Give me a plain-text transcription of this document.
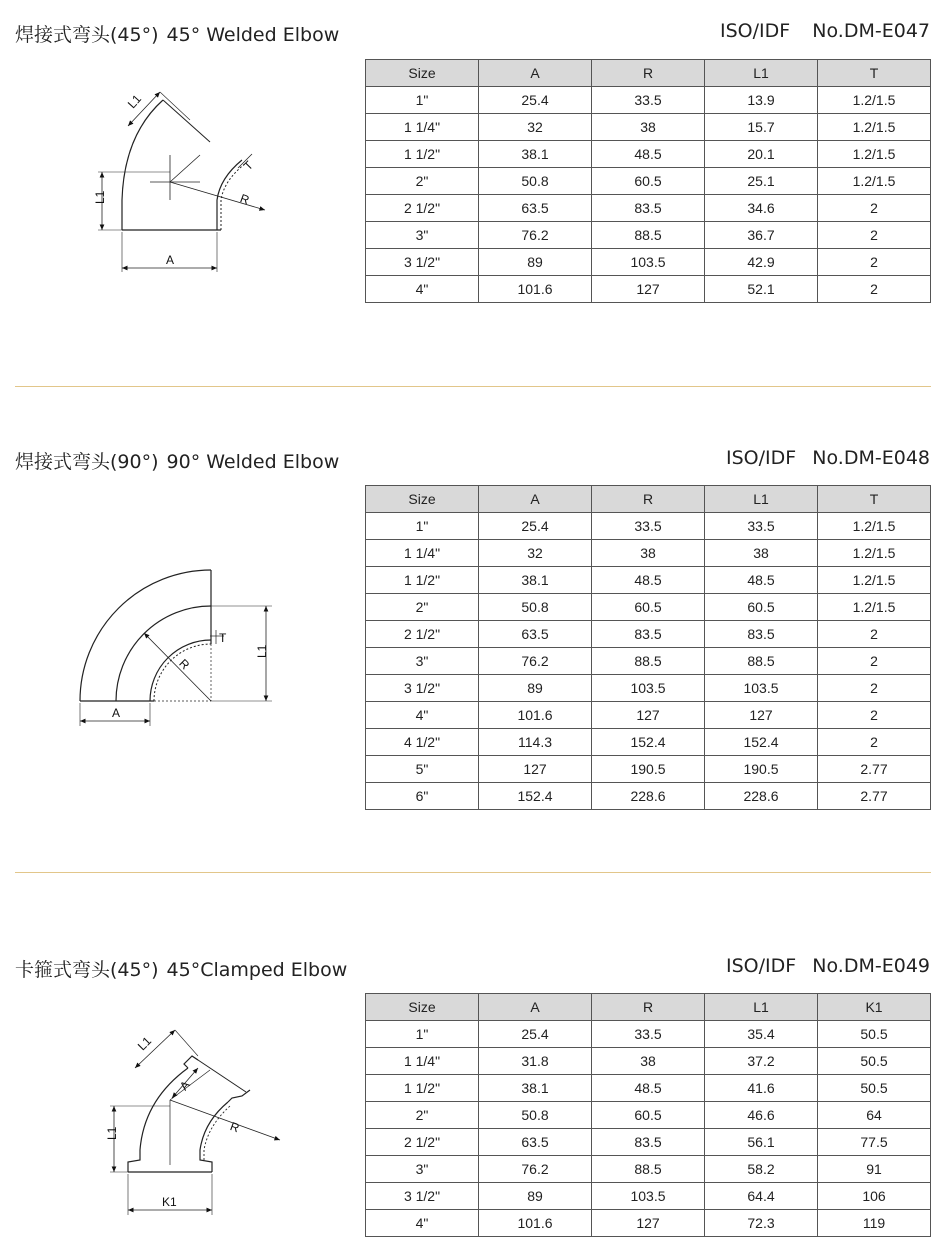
焊接式弯头(45°) 45° Welded Elbow	ISO/IDF No.DM-E047
L1
T
R
L1
A
Size	A	R	L1	T
1"	25.4	33.5	13.9	1.2/1.5
1 1/4"	32	38	15.7	1.2/1.5
1 1/2"	38.1	48.5	20.1	1.2/1.5
2"	50.8	60.5	25.1	1.2/1.5
2 1/2"	63.5	83.5	34.6	2
3"	76.2	88.5	36.7	2
3 1/2"	89	103.5	42.9	2
4"	101.6	127	52.1	2
焊接式弯头(90°) 90° Welded Elbow	ISO/IDF No.DM-E048
R
T
L1
A
Size	A	R	L1	T
1"	25.4	33.5	33.5	1.2/1.5
1 1/4"	32	38	38	1.2/1.5
1 1/2"	38.1	48.5	48.5	1.2/1.5
2"	50.8	60.5	60.5	1.2/1.5
2 1/2"	63.5	83.5	83.5	2
3"	76.2	88.5	88.5	2
3 1/2"	89	103.5	103.5	2
4"	101.6	127	127	2
4 1/2"	114.3	152.4	152.4	2
5"	127	190.5	190.5	2.77
6"	152.4	228.6	228.6	2.77
卡箍式弯头(45°) 45°Clamped Elbow	ISO/IDF No.DM-E049
L1
A
R
L1
K1
Size	A	R	L1	K1
1"	25.4	33.5	35.4	50.5
1 1/4"	31.8	38	37.2	50.5
1 1/2"	38.1	48.5	41.6	50.5
2"	50.8	60.5	46.6	64
2 1/2"	63.5	83.5	56.1	77.5
3"	76.2	88.5	58.2	91
3 1/2"	89	103.5	64.4	106
4"	101.6	127	72.3	119
